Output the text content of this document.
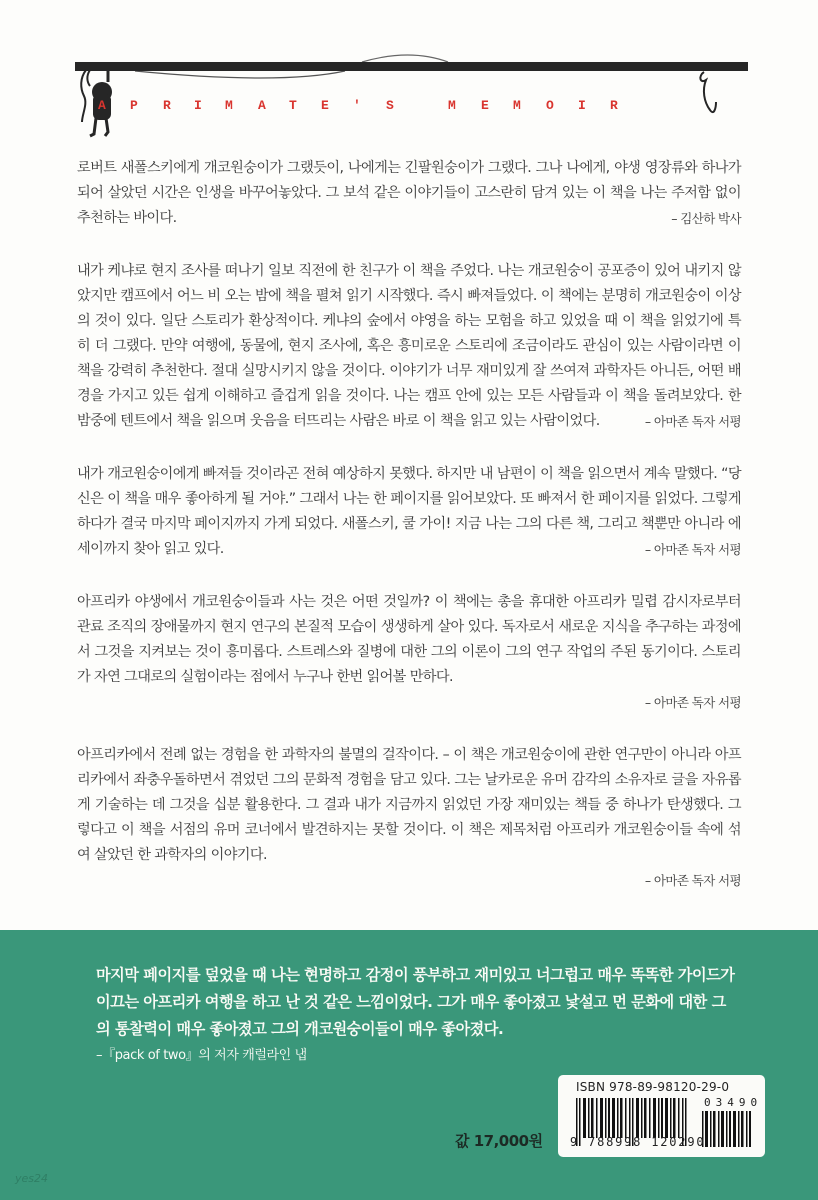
A P R I M A T E ' S	M E M O I R

로버트 새폴스키에게 개코원숭이가 그랬듯이, 나에게는 긴팔원숭이가 그랬다. 그나 나에게, 야생 영장류와 하나가 되어 살았던 시간은 인생을 바꾸어놓았다. 그 보석 같은 이야기들이 고스란히 담겨 있는 이 책을 나는 주저함 없이 추천하는 바이다.	– 김산하 박사

내가 케냐로 현지 조사를 떠나기 일보 직전에 한 친구가 이 책을 주었다. 나는 개코원숭이 공포증이 있어 내키지 않았지만 캠프에서 어느 비 오는 밤에 책을 펼쳐 읽기 시작했다. 즉시 빠져들었다. 이 책에는 분명히 개코원숭이 이상의 것이 있다. 일단 스토리가 환상적이다. 케냐의 숲에서 야영을 하는 모험을 하고 있었을 때 이 책을 읽었기에 특히 더 그랬다. 만약 여행에, 동물에, 현지 조사에, 혹은 흥미로운 스토리에 조금이라도 관심이 있는 사람이라면 이 책을 강력히 추천한다. 절대 실망시키지 않을 것이다. 이야기가 너무 재미있게 잘 쓰여져 과학자든 아니든, 어떤 배경을 가지고 있든 쉽게 이해하고 즐겁게 읽을 것이다. 나는 캠프 안에 있는 모든 사람들과 이 책을 돌려보았다. 한밤중에 텐트에서 책을 읽으며 웃음을 터뜨리는 사람은 바로 이 책을 읽고 있는 사람이었다.	– 아마존 독자 서평

내가 개코원숭이에게 빠져들 것이라곤 전혀 예상하지 못했다. 하지만 내 남편이 이 책을 읽으면서 계속 말했다. “당신은 이 책을 매우 좋아하게 될 거야.” 그래서 나는 한 페이지를 읽어보았다. 또 빠져서 한 페이지를 읽었다. 그렇게 하다가 결국 마지막 페이지까지 가게 되었다. 새폴스키, 쿨 가이! 지금 나는 그의 다른 책, 그리고 책뿐만 아니라 에세이까지 찾아 읽고 있다.	– 아마존 독자 서평

아프리카 야생에서 개코원숭이들과 사는 것은 어떤 것일까? 이 책에는 총을 휴대한 아프리카 밀렵 감시자로부터 관료 조직의 장애물까지 현지 연구의 본질적 모습이 생생하게 살아 있다. 독자로서 새로운 지식을 추구하는 과정에서 그것을 지켜보는 것이 흥미롭다. 스트레스와 질병에 대한 그의 이론이 그의 연구 작업의 주된 동기이다. 스토리가 자연 그대로의 실험이라는 점에서 누구나 한번 읽어볼 만하다.

– 아마존 독자 서평

아프리카에서 전례 없는 경험을 한 과학자의 불멸의 걸작이다. – 이 책은 개코원숭이에 관한 연구만이 아니라 아프리카에서 좌충우돌하면서 겪었던 그의 문화적 경험을 담고 있다. 그는 날카로운 유머 감각의 소유자로 글을 자유롭게 기술하는 데 그것을 십분 활용한다. 그 결과 내가 지금까지 읽었던 가장 재미있는 책들 중 하나가 탄생했다. 그렇다고 이 책을 서점의 유머 코너에서 발견하지는 못할 것이다. 이 책은 제목처럼 아프리카 개코원숭이들 속에 섞여 살았던 한 과학자의 이야기다.

– 아마존 독자 서평
마지막 페이지를 덮었을 때 나는 현명하고 감정이 풍부하고 재미있고 너그럽고 매우 똑똑한 가이드가 이끄는 아프리카 여행을 하고 난 것 같은 느낌이었다. 그가 매우 좋아졌고 낯설고 먼 문화에 대한 그의 통찰력이 매우 좋아졌고 그의 개코원숭이들이 매우 좋아졌다.
–『pack of two』의 저자 캐럴라인 냅
값 17,000원
ISBN 978-89-98120-29-0
03490
9 788998 120290
yes24
